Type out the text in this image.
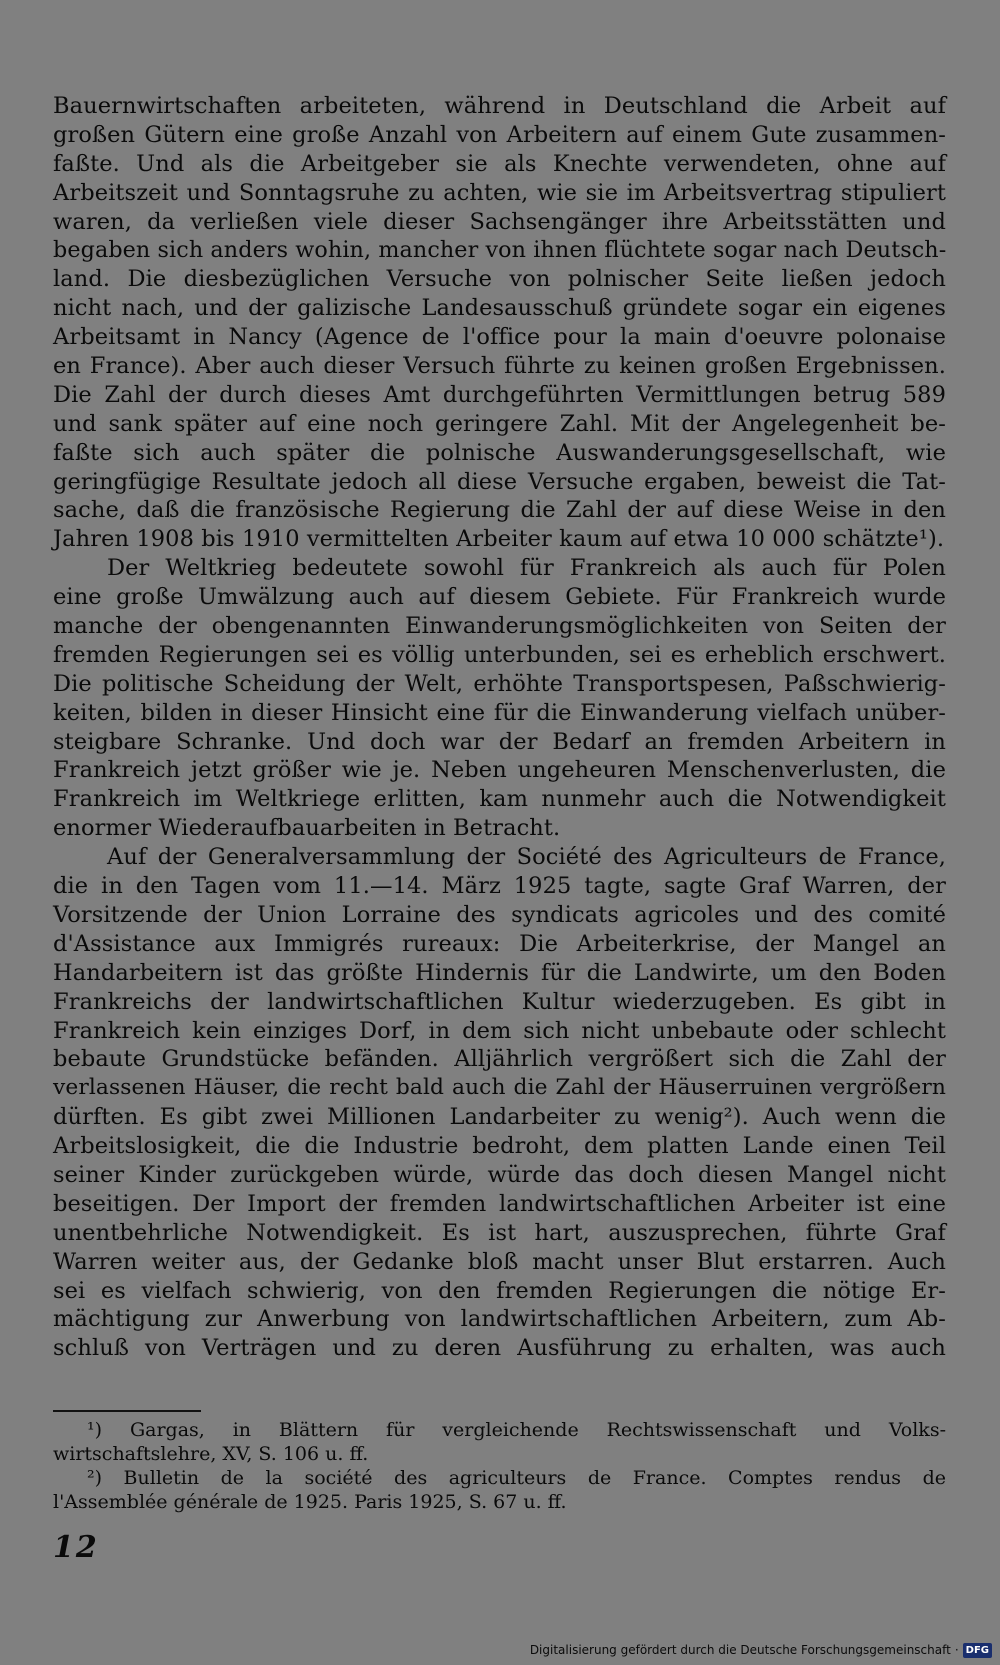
Bauernwirtschaften arbeiteten, während in Deutschland die Arbeit auf
großen Gütern eine große Anzahl von Arbeitern auf einem Gute zusammen-
faßte. Und als die Arbeitgeber sie als Knechte verwendeten, ohne auf
Arbeitszeit und Sonntagsruhe zu achten, wie sie im Arbeitsvertrag stipuliert
waren, da verließen viele dieser Sachsengänger ihre Arbeitsstätten und
begaben sich anders wohin, mancher von ihnen flüchtete sogar nach Deutsch-
land. Die diesbezüglichen Versuche von polnischer Seite ließen jedoch
nicht nach, und der galizische Landesausschuß gründete sogar ein eigenes
Arbeitsamt in Nancy (Agence de l'office pour la main d'oeuvre polonaise
en France). Aber auch dieser Versuch führte zu keinen großen Ergebnissen.
Die Zahl der durch dieses Amt durchgeführten Vermittlungen betrug 589
und sank später auf eine noch geringere Zahl. Mit der Angelegenheit be-
faßte sich auch später die polnische Auswanderungsgesellschaft, wie
geringfügige Resultate jedoch all diese Versuche ergaben, beweist die Tat-
sache, daß die französische Regierung die Zahl der auf diese Weise in den
Jahren 1908 bis 1910 vermittelten Arbeiter kaum auf etwa 10 000 schätzte¹).
Der Weltkrieg bedeutete sowohl für Frankreich als auch für Polen
eine große Umwälzung auch auf diesem Gebiete. Für Frankreich wurde
manche der obengenannten Einwanderungsmöglichkeiten von Seiten der
fremden Regierungen sei es völlig unterbunden, sei es erheblich erschwert.
Die politische Scheidung der Welt, erhöhte Transportspesen, Paßschwierig-
keiten, bilden in dieser Hinsicht eine für die Einwanderung vielfach unüber-
steigbare Schranke. Und doch war der Bedarf an fremden Arbeitern in
Frankreich jetzt größer wie je. Neben ungeheuren Menschenverlusten, die
Frankreich im Weltkriege erlitten, kam nunmehr auch die Notwendigkeit
enormer Wiederaufbauarbeiten in Betracht.
Auf der Generalversammlung der Société des Agriculteurs de France,
die in den Tagen vom 11.—14. März 1925 tagte, sagte Graf Warren, der
Vorsitzende der Union Lorraine des syndicats agricoles und des comité
d'Assistance aux Immigrés rureaux: Die Arbeiterkrise, der Mangel an
Handarbeitern ist das größte Hindernis für die Landwirte, um den Boden
Frankreichs der landwirtschaftlichen Kultur wiederzugeben. Es gibt in
Frankreich kein einziges Dorf, in dem sich nicht unbebaute oder schlecht
bebaute Grundstücke befänden. Alljährlich vergrößert sich die Zahl der
verlassenen Häuser, die recht bald auch die Zahl der Häuserruinen vergrößern
dürften. Es gibt zwei Millionen Landarbeiter zu wenig²). Auch wenn die
Arbeitslosigkeit, die die Industrie bedroht, dem platten Lande einen Teil
seiner Kinder zurückgeben würde, würde das doch diesen Mangel nicht
beseitigen. Der Import der fremden landwirtschaftlichen Arbeiter ist eine
unentbehrliche Notwendigkeit. Es ist hart, auszusprechen, führte Graf
Warren weiter aus, der Gedanke bloß macht unser Blut erstarren. Auch
sei es vielfach schwierig, von den fremden Regierungen die nötige Er-
mächtigung zur Anwerbung von landwirtschaftlichen Arbeitern, zum Ab-
schluß von Verträgen und zu deren Ausführung zu erhalten, was auch
¹) Gargas, in Blättern für vergleichende Rechtswissenschaft und Volks-
wirtschaftslehre, XV, S. 106 u. ff.
²) Bulletin de la société des agriculteurs de France. Comptes rendus de
l'Assemblée générale de 1925. Paris 1925, S. 67 u. ff.
12
Digitalisierung gefördert durch die Deutsche Forschungsgemeinschaft · DFG
